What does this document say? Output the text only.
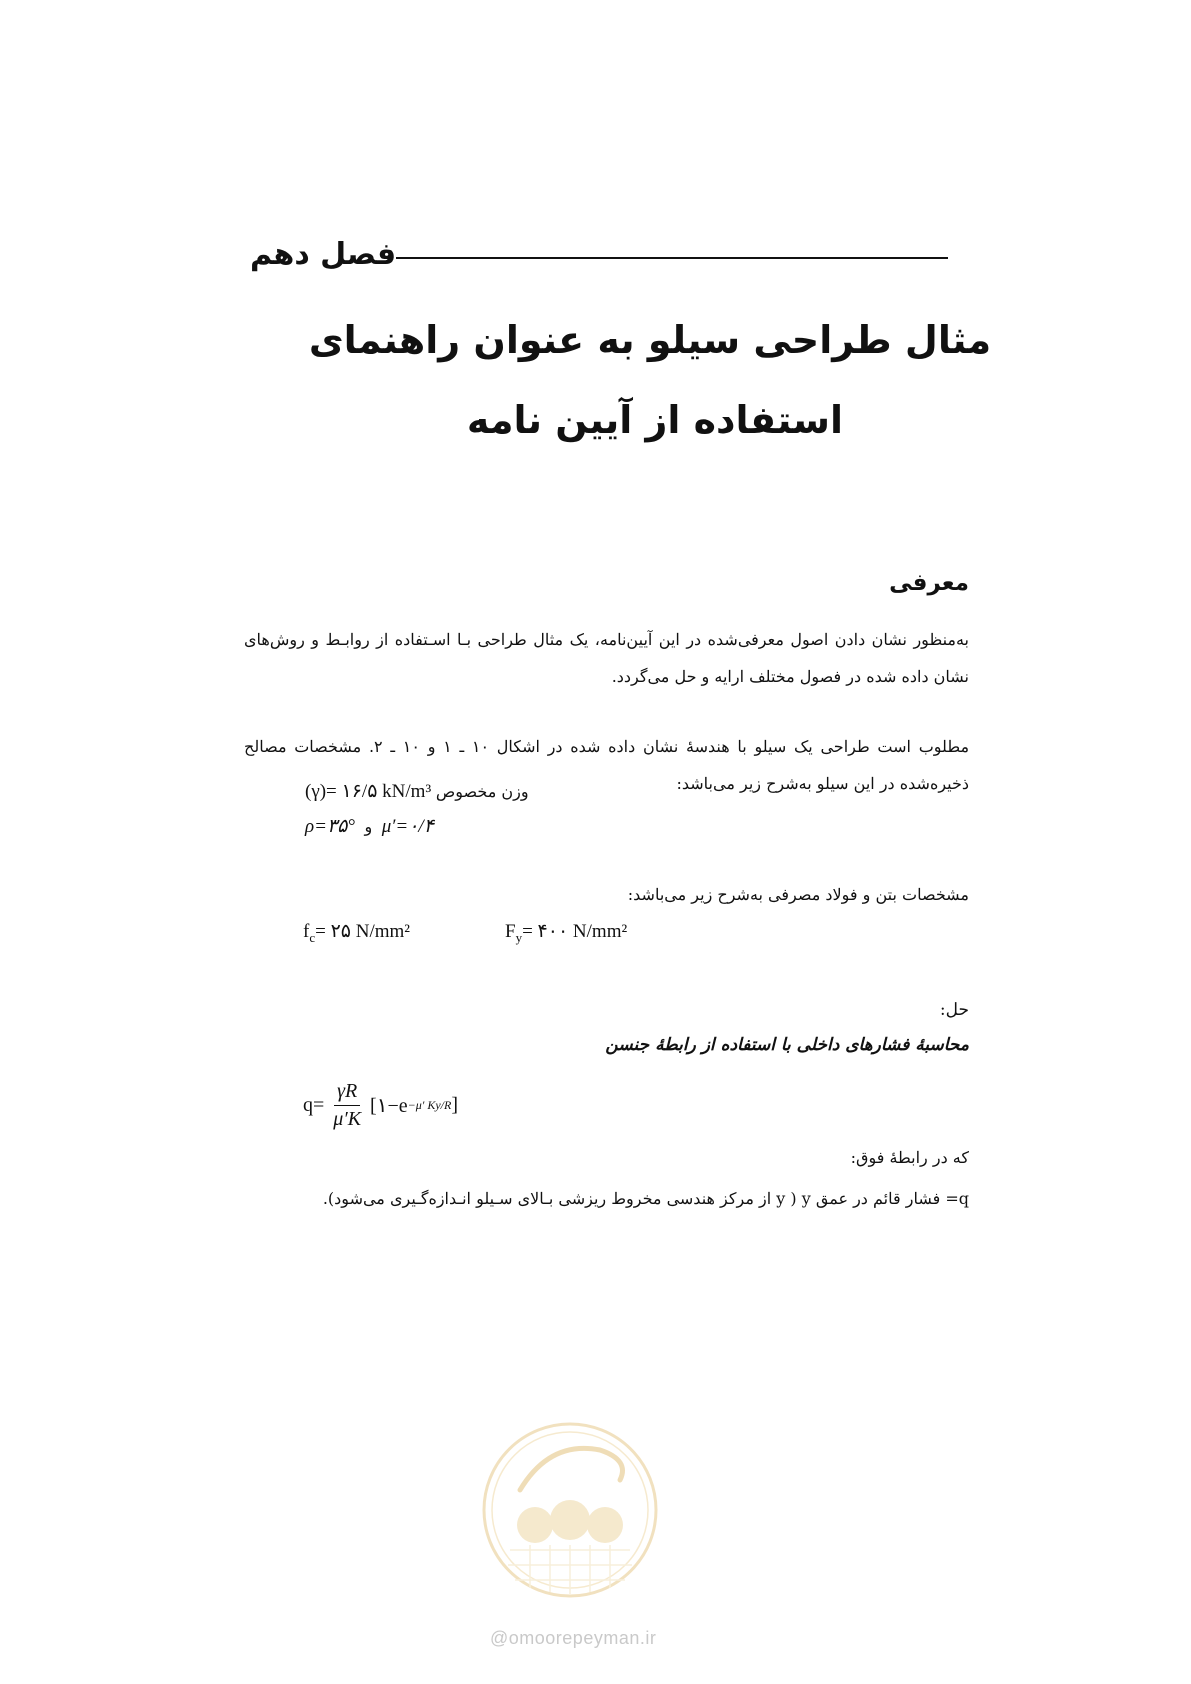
فصل دهم
مثال طراحی سیلو به عنوان راهنمای
استفاده از آیین نامه
معرفی
به‌منظور نشان دادن اصول معرفی‌شده در این آیین‌نامه، یک مثال طراحی بـا اسـتفاده از روابـط و روش‌های نشان داده شده در فصول مختلف ارایه و حل می‌گردد.
مطلوب است طراحی یک سیلو با هندسهٔ نشان داده شده در اشکال ۱۰ ـ ۱ و ۱۰ ـ ۲. مشخصات مصالح ذخیره‌شده در این سیلو به‌شرح زیر می‌باشد:
(γ)= ۱۶/۵ kN/m³ وزن مخصوص
ρ=۳۵° و μ′=۰/۴
مشخصات بتن و فولاد مصرفی به‌شرح زیر می‌باشد:
$f_c=$ ۲۵ N/mm²	$F_y=$ ۴۰۰ N/mm²
حل:
محاسبهٔ فشارهای داخلی با استفاده از رابطهٔ جنسن
$q= \frac{\gamma R}{\mu'K}$ [۱−e −μ′ Ky/R ]
که در رابطهٔ فوق:
q= فشار قائم در عمق y ( y از مرکز هندسی مخروط ریزشی بـالای سـیلو انـدازه‌گـیری می‌شود).
@omoorepeyman.ir
